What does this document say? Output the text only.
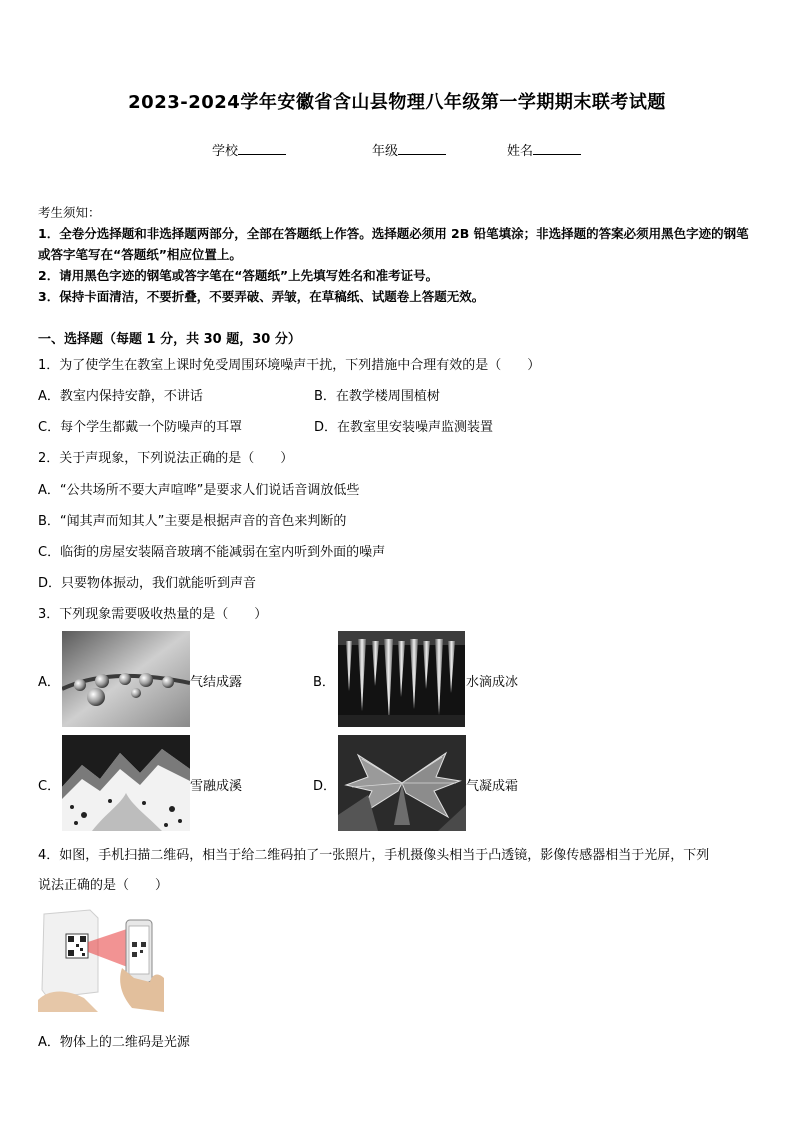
2023-2024学年安徽省含山县物理八年级第一学期期末联考试题
学校	年级	姓名
考生须知：
1．全卷分选择题和非选择题两部分，全部在答题纸上作答。选择题必须用 2B 铅笔填涂；非选择题的答案必须用黑色字迹的钢笔或答字笔写在“答题纸”相应位置上。
2．请用黑色字迹的钢笔或答字笔在“答题纸”上先填写姓名和准考证号。
3．保持卡面清洁，不要折叠，不要弄破、弄皱，在草稿纸、试题卷上答题无效。
一、选择题（每题 1 分，共 30 题，30 分）
1．为了使学生在教室上课时免受周围环境噪声干扰，下列措施中合理有效的是（　　）
A．教室内保持安静，不讲话	B．在教学楼周围植树
C．每个学生都戴一个防噪声的耳罩	D．在教室里安装噪声监测装置
2．关于声现象，下列说法正确的是（　　）
A．“公共场所不要大声喧哗”是要求人们说话音调放低些
B．“闻其声而知其人”主要是根据声音的音色来判断的
C．临街的房屋安装隔音玻璃不能减弱在室内听到外面的噪声
D．只要物体振动，我们就能听到声音
3．下列现象需要吸收热量的是（　　）
A．	气结成露	B．	水滴成冰
C．	雪融成溪	D．	气凝成霜
4．如图，手机扫描二维码，相当于给二维码拍了一张照片，手机摄像头相当于凸透镜，影像传感器相当于光屏，下列
说法正确的是（　　）
A．物体上的二维码是光源
